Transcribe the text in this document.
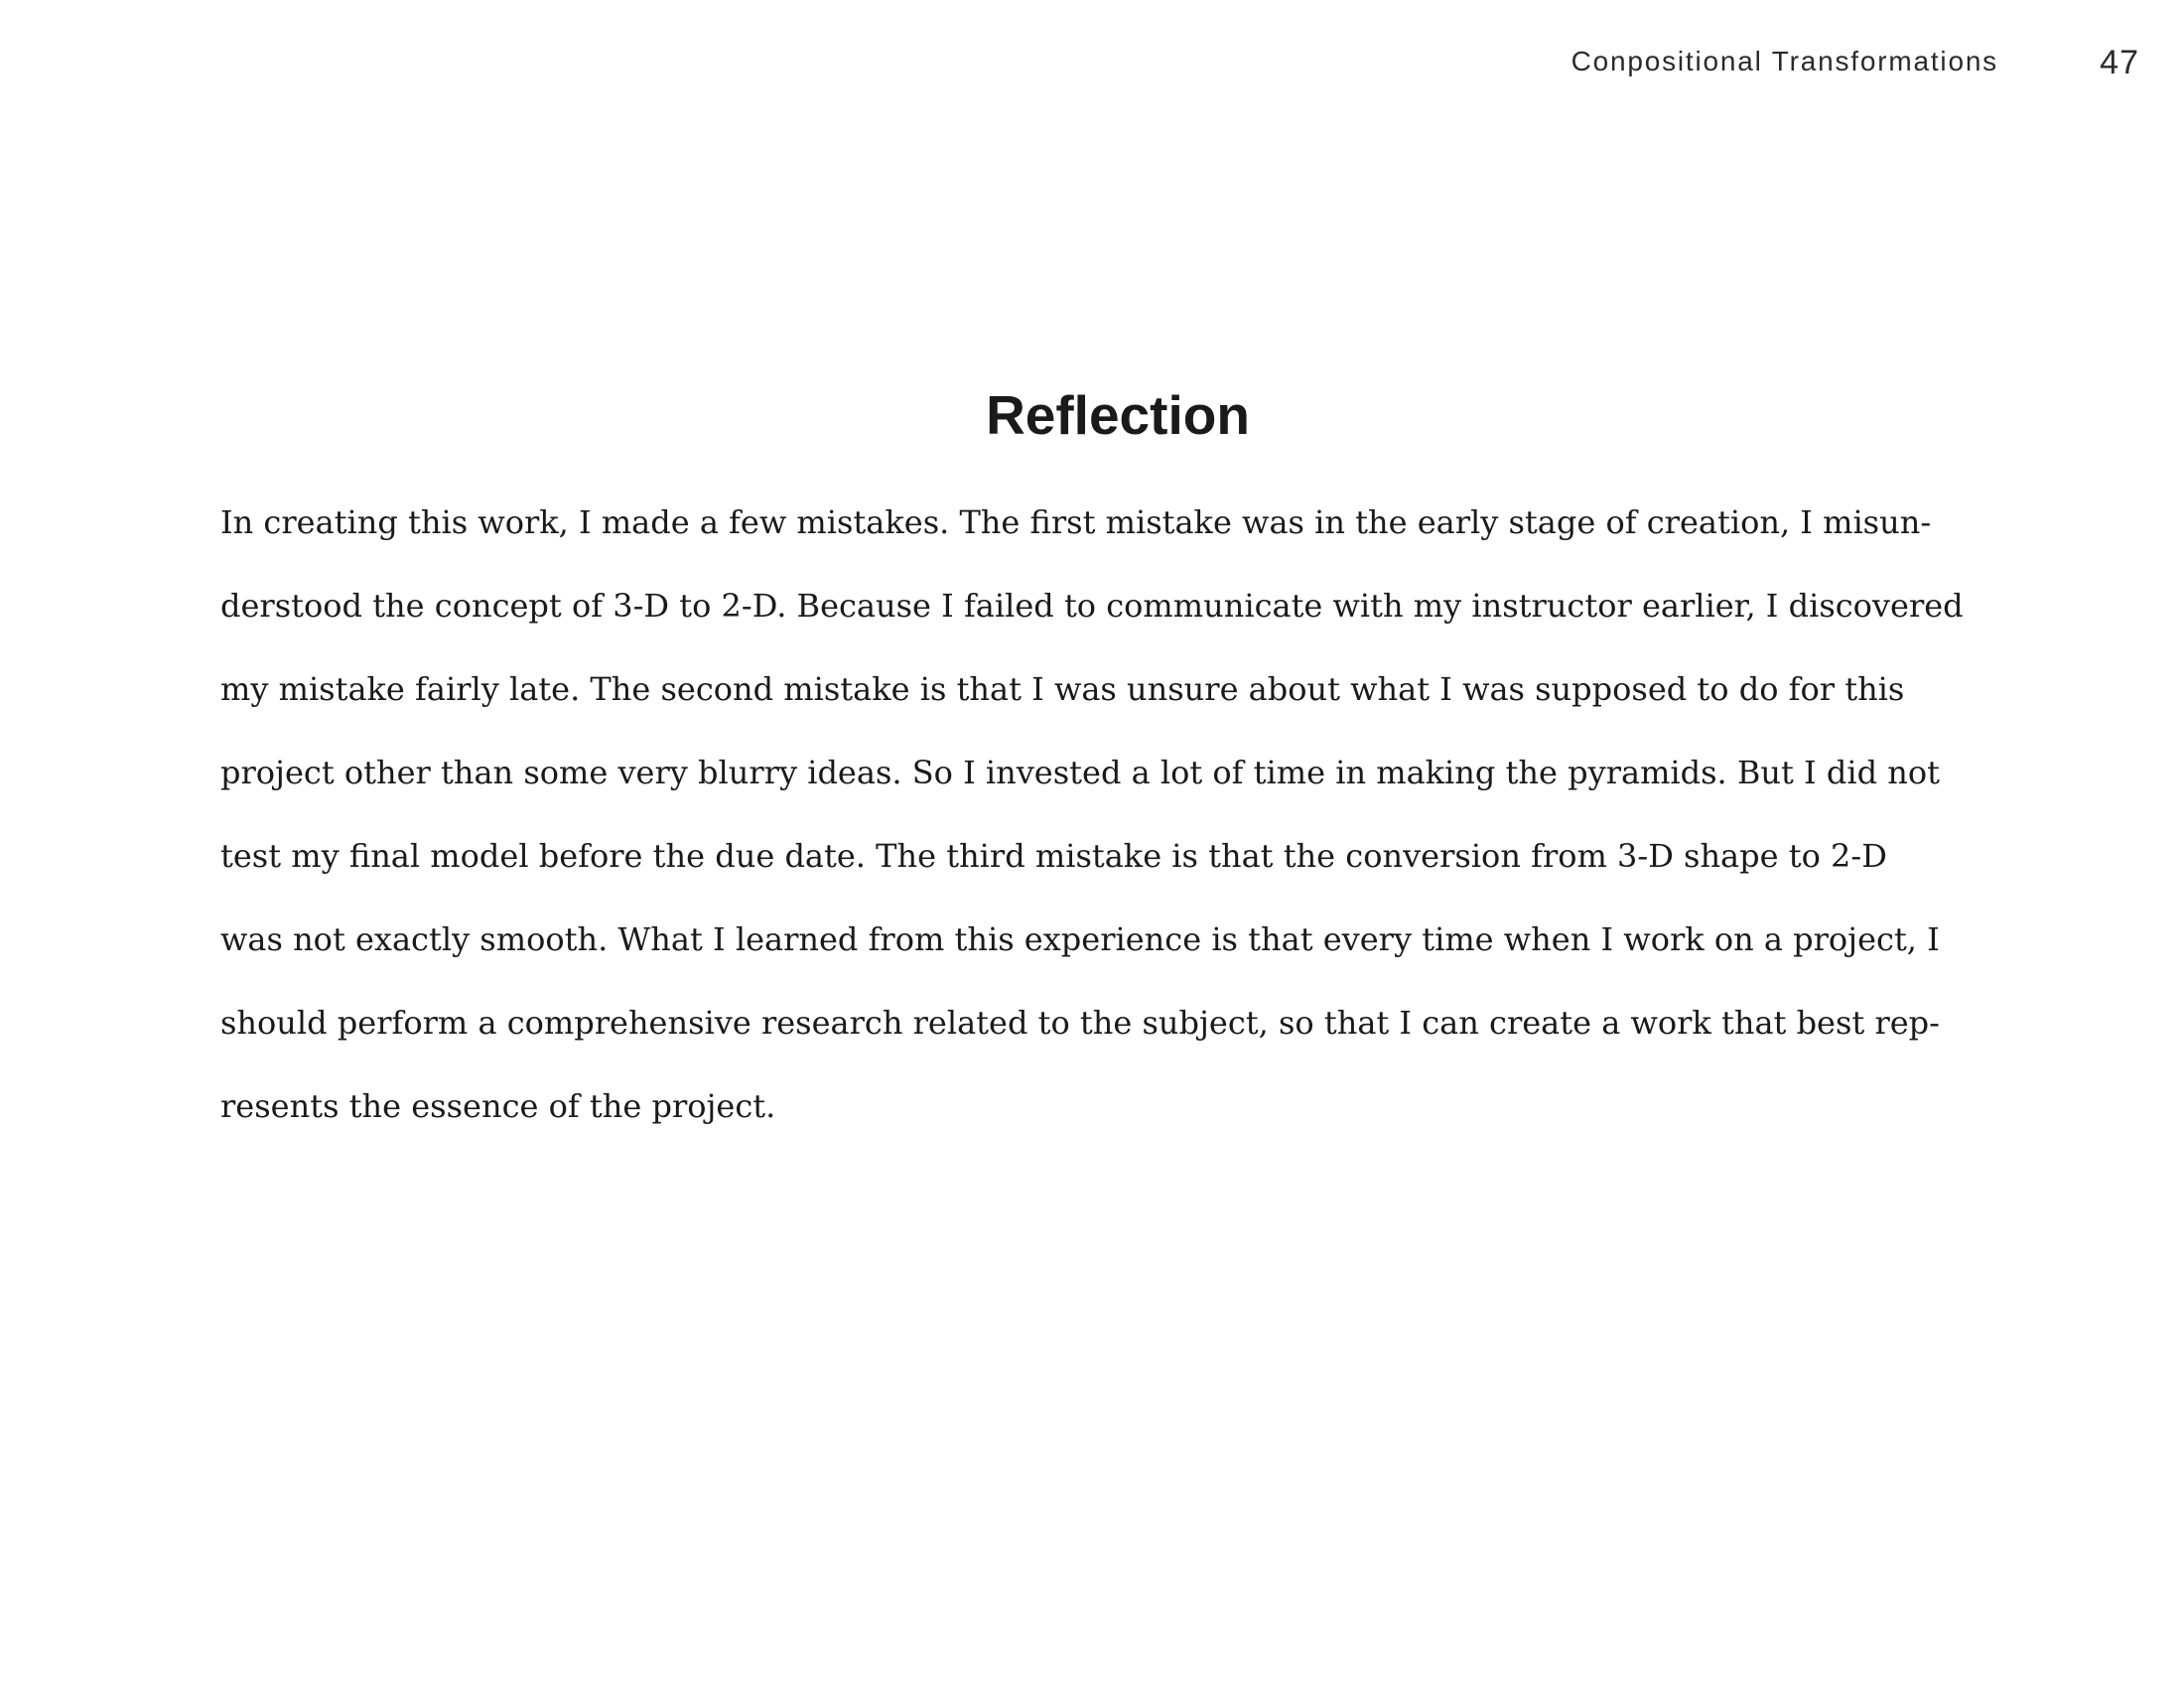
Conpositional Transformations	47
Reflection

In creating this work, I made a few mistakes. The first mistake was in the early stage of creation, I misun-
derstood the concept of 3-D to 2-D. Because I failed to communicate with my instructor earlier, I discovered
my mistake fairly late. The second mistake is that I was unsure about what I was supposed to do for this
project other than some very blurry ideas. So I invested a lot of time in making the pyramids. But I did not
test my final model before the due date. The third mistake is that the conversion from 3-D shape to 2-D
was not exactly smooth. What I learned from this experience is that every time when I work on a project, I
should perform a comprehensive research related to the subject, so that I can create a work that best rep-
resents the essence of the project.
